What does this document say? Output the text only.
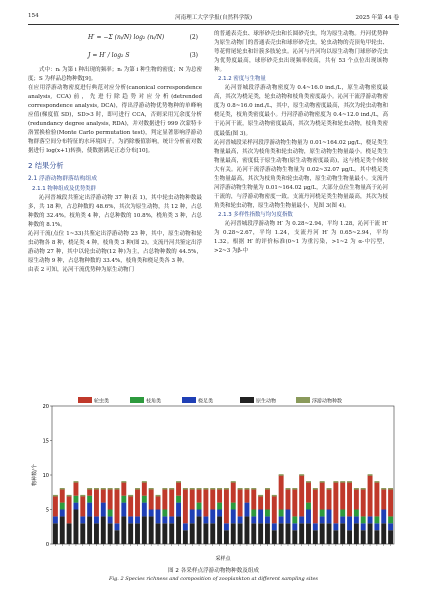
154	河南理工大学学报(自然科学版)	2025 年第 44 卷
H′ = −Σ (nᵢ/N) log₂ (nᵢ/N)	(2)
J = H′ / log₂ S	(3)

式中：nᵢ 为第 i 种出现的频率；nᵢ 为第 i 种生物的密度；N 为总密度；S 为样品总物种数[9]。
在应用浮游动物密度进行典范对应分析(canonical correspondence analysis, CCA)前，先进行除趋势对应分析(detrended correspondence analysis, DCA)，得出浮游动物优势物种的单峰响应值(梯度值 SD)，SD>3 时，即可进行 CCA，否则采用冗余度分析(redundancy degree analysis, RDA)，并对数据进行 999 次蒙特卡洛置换检验(Monte Carlo permutation test)，判定显著影响浮游动物群落空间分布特征的水环境因子。为消除极值影响，统计分析前对数据进行 log(x+1)转换，使数据满足正态分布[10]。

2 结果分析
2.1 浮游动物群落结构组成
2.1.1 物种组成及优势类群

沁河晋城段共鉴定出浮游动物 37 种(表 1)，其中轮虫动物种数最多，共 18 种，占总种数的 48.6%，其次为原生动物，共 12 种，占总种数的 32.4%。枝角类 4 种，占总种数的 10.8%，桡角类 3 种，占总种数的 8.1%。
沁河干流(点位 1~33)共鉴定出浮游动物 23 种，其中，原生动物和轮虫动物各 8 种，桡足类 4 种，枝角类 3 种(图 2)。支流丹河共鉴定出浮游动物 27 种，其中以轮虫动物(12 种)为主，占总物种数的 44.5%，原生动物 9 种，占总物种数的 33.4%，枝角类和桡足类各 3 种。
由表 2 可知，沁河干流优势种为原生动物门

的普通表壳虫、球形砂壳虫和长圆砂壳虫，均为原生动物。丹河优势种为原生动物门的普通表壳虫和球形砂壳虫，轮虫动物的壳顶龟甲轮虫、萼花臂尾轮虫和针簇多肢轮虫。沁河与丹河均以原生动物门球形砂壳虫为优势度最高，球形砂壳虫出现频率较高，共有 53 个点位出现该物种。

2.1.2 密度与生物量

沁河晋城段浮游动物密度为 0.4~16.0 ind./L，原生动物密度最高，其次为桡足类，轮虫动物和枝角类密度最小。沁河干流浮游动物密度为 0.8~16.0 ind./L，其中，原生动物密度最高，其次为轮虫动物和桡足类，枝角类密度最小。丹河浮游动物密度为 0.4~12.0 ind./L，高于沁河干流，原生动物密度最高，其次为桡足类和轮虫动物，枝角类密度最低(图 3)。
沁河晋城段采样河段浮游动物生物量为 0.01~164.02 μg/L，桡足类生物量最高，其次为枝角类和轮虫动物，原生动物生物量最小。桡足类生物量最高，密度低于原生动物(原生动物密度最高)，这与桡足类个体较大有关。沁河干流浮游动物生物量为 0.02~32.07 μg/L，其中桡足类生物量最高，其次为枝角类和轮虫动物，原生动物生物量最小。支流丹河浮游动物生物量为 0.01~164.02 μg/L，大部分点位生物量高于沁河干流的，与浮游动物密度一致。支流丹河桡足类生物量最高，其次为枝角类和轮虫动物，原生动物生物量最小，见图 3(图 4)。

2.1.3 多样性指数与均匀度指数

沁河晋城段浮游动物 H′ 为 0.28~2.94，平均 1.28，沁河干流 H′ 为 0.28~2.67，平均 1.24，支流丹河 H′ 为 0.65~2.94，平均 1.32。根据 H′ 的评价标准(0~1 为重污染，>1~2 为 α-中污型，>2~3 为β-中

轮虫类	枝角类	桡足类	原生动物	浮游动物种数
0
5
10
15
20
物种数/个
采样点
图 2 各采样点浮游动物物种数及组成
Fig. 2 Species richness and composition of zooplankton at different sampling sites
